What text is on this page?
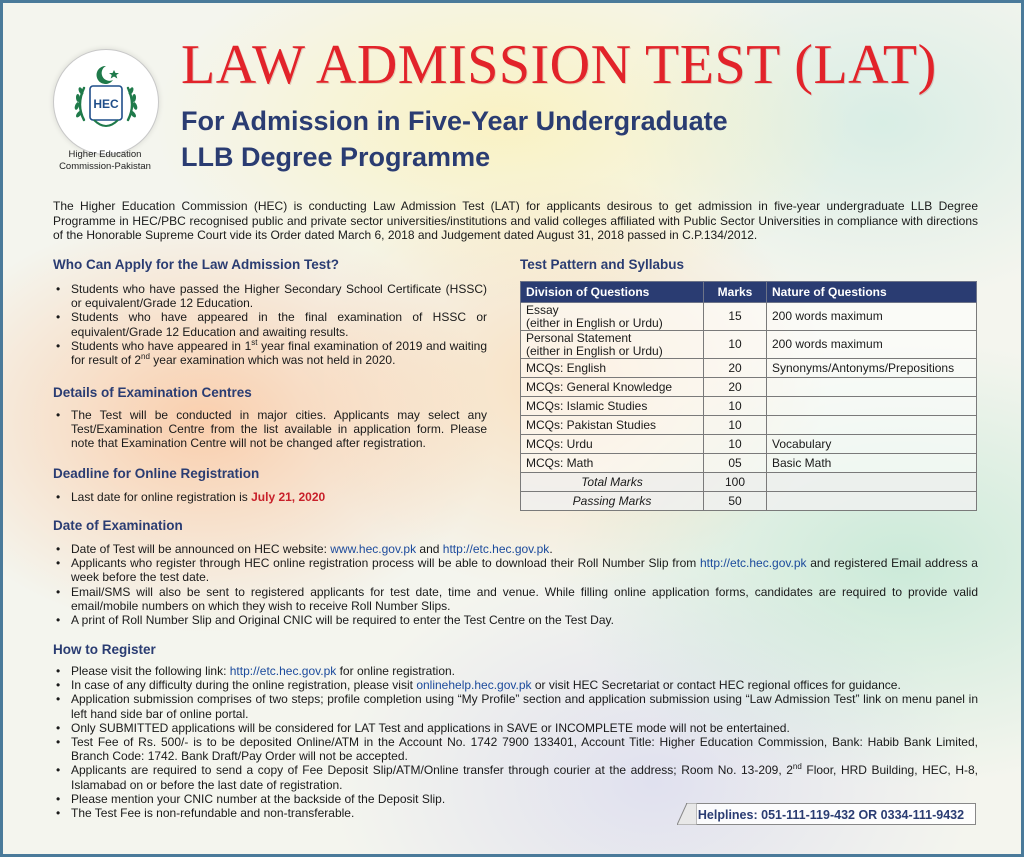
HEC
Higher Education
Commission-Pakistan
LAW ADMISSION TEST (LAT)
For Admission in Five-Year Undergraduate
LLB Degree Programme

The Higher Education Commission (HEC) is conducting Law Admission Test (LAT) for applicants desirous to get admission in five-year undergraduate LLB Degree Programme in HEC/PBC recognised public and private sector universities/institutions and valid colleges affiliated with Public Sector Universities in compliance with directions of the Honorable Supreme Court vide its Order dated March 6, 2018 and Judgement dated August 31, 2018 passed in C.P.134/2012.

Who Can Apply for the Law Admission Test?
• Students who have passed the Higher Secondary School Certificate (HSSC) or equivalent/Grade 12 Education.
• Students who have appeared in the final examination of HSSC or equivalent/Grade 12 Education and awaiting results.
• Students who have appeared in 1st year final examination of 2019 and waiting for result of 2nd year examination which was not held in 2020.
Details of Examination Centres
• The Test will be conducted in major cities. Applicants may select any Test/Examination Centre from the list available in application form. Please note that Examination Centre will not be changed after registration.
Deadline for Online Registration
• Last date for online registration is July 21, 2020
Test Pattern and Syllabus
Division of Questions	Marks	Nature of Questions

Essay
(either in English or Urdu)	15	200 words maximum

Personal Statement
(either in English or Urdu)	10	200 words maximum

MCQs: English	20	Synonyms/Antonyms/Prepositions

MCQs: General Knowledge	20	

MCQs: Islamic Studies	10	

MCQs: Pakistan Studies	10	

MCQs: Urdu	10	Vocabulary

MCQs: Math	05	Basic Math
Total Marks	100	
Passing Marks	50	
Date of Examination
• Date of Test will be announced on HEC website: www.hec.gov.pk and http://etc.hec.gov.pk.
• Applicants who register through HEC online registration process will be able to download their Roll Number Slip from http://etc.hec.gov.pk and registered Email address a week before the test date.
• Email/SMS will also be sent to registered applicants for test date, time and venue. While filling online application forms, candidates are required to provide valid email/mobile numbers on which they wish to receive Roll Number Slips.
• A print of Roll Number Slip and Original CNIC will be required to enter the Test Centre on the Test Day.
How to Register
• Please visit the following link: http://etc.hec.gov.pk for online registration.
• In case of any difficulty during the online registration, please visit onlinehelp.hec.gov.pk or visit HEC Secretariat or contact HEC regional offices for guidance.
• Application submission comprises of two steps; profile completion using “My Profile” section and application submission using “Law Admission Test” link on menu panel in left hand side bar of online portal.
• Only SUBMITTED applications will be considered for LAT Test and applications in SAVE or INCOMPLETE mode will not be entertained.
• Test Fee of Rs. 500/- is to be deposited Online/ATM in the Account No. 1742 7900 133401, Account Title: Higher Education Commission, Bank: Habib Bank Limited, Branch Code: 1742. Bank Draft/Pay Order will not be accepted.
• Applicants are required to send a copy of Fee Deposit Slip/ATM/Online transfer through courier at the address; Room No. 13-209, 2nd Floor, HRD Building, HEC, H-8, Islamabad on or before the last date of registration.
• Please mention your CNIC number at the backside of the Deposit Slip.
• The Test Fee is non-refundable and non-transferable.	Helplines: 051-111-119-432 OR 0334-111-9432
